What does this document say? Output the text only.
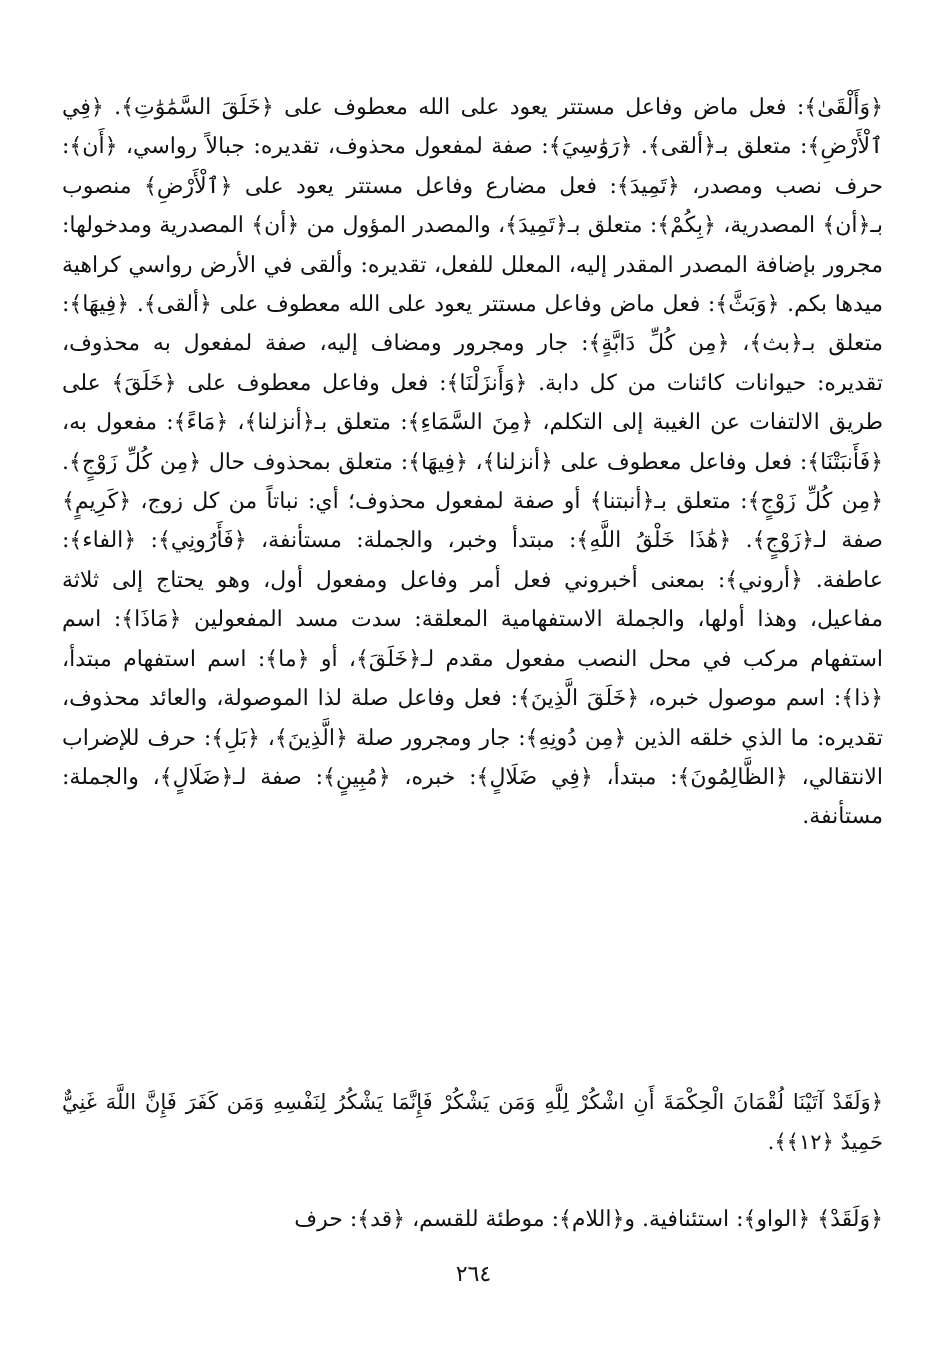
﴿وَأَلْقَىٰ﴾: فعل ماض وفاعل مستتر يعود على الله معطوف على ﴿خَلَقَ السَّمَٰوَٰتِ﴾. ﴿فِي ٱلْأَرْضِ﴾: متعلق بـ﴿ألقى﴾. ﴿رَوَٰسِيَ﴾: صفة لمفعول محذوف، تقديره: جبالاً رواسي، ﴿أَن﴾: حرف نصب ومصدر، ﴿تَمِيدَ﴾: فعل مضارع وفاعل مستتر يعود على ﴿ٱلْأَرْضِ﴾ منصوب بـ﴿أن﴾ المصدرية، ﴿بِكُمْ﴾: متعلق بـ﴿تَمِيدَ﴾، والمصدر المؤول من ﴿أن﴾ المصدرية ومدخولها: مجرور بإضافة المصدر المقدر إليه، المعلل للفعل، تقديره: وألقى في الأرض رواسي كراهية ميدها بكم. ﴿وَبَثَّ﴾: فعل ماض وفاعل مستتر يعود على الله معطوف على ﴿ألقى﴾. ﴿فِيهَا﴾: متعلق بـ﴿بث﴾، ﴿مِن كُلِّ دَابَّةٍ﴾: جار ومجرور ومضاف إليه، صفة لمفعول به محذوف، تقديره: حيوانات كائنات من كل دابة. ﴿وَأَنزَلْنَا﴾: فعل وفاعل معطوف على ﴿خَلَقَ﴾ على طريق الالتفات عن الغيبة إلى التكلم، ﴿مِنَ السَّمَاءِ﴾: متعلق بـ﴿أنزلنا﴾، ﴿مَاءً﴾: مفعول به، ﴿فَأَنبَتْنَا﴾: فعل وفاعل معطوف على ﴿أنزلنا﴾، ﴿فِيهَا﴾: متعلق بمحذوف حال ﴿مِن كُلِّ زَوْجٍ﴾. ﴿مِن كُلِّ زَوْجٍ﴾: متعلق بـ﴿أنبتنا﴾ أو صفة لمفعول محذوف؛ أي: نباتاً من كل زوج، ﴿كَرِيمٍ﴾ صفة لـ﴿زَوْجٍ﴾. ﴿هَٰذَا خَلْقُ اللَّهِ﴾: مبتدأ وخبر، والجملة: مستأنفة، ﴿فَأَرُونِي﴾: ﴿الفاء﴾: عاطفة. ﴿أروني﴾: بمعنى أخبروني فعل أمر وفاعل ومفعول أول، وهو يحتاج إلى ثلاثة مفاعيل، وهذا أولها، والجملة الاستفهامية المعلقة: سدت مسد المفعولين ﴿مَاذَا﴾: اسم استفهام مركب في محل النصب مفعول مقدم لـ﴿خَلَقَ﴾، أو ﴿ما﴾: اسم استفهام مبتدأ، ﴿ذا﴾: اسم موصول خبره، ﴿خَلَقَ الَّذِينَ﴾: فعل وفاعل صلة لذا الموصولة، والعائد محذوف، تقديره: ما الذي خلقه الذين ﴿مِن دُونِهِ﴾: جار ومجرور صلة ﴿الَّذِينَ﴾، ﴿بَلِ﴾: حرف للإضراب الانتقالي، ﴿الظَّالِمُونَ﴾: مبتدأ، ﴿فِي ضَلَالٍ﴾: خبره، ﴿مُبِينٍ﴾: صفة لـ﴿ضَلَالٍ﴾، والجملة: مستأنفة.

﴿وَلَقَدْ آتَيْنَا لُقْمَانَ الْحِكْمَةَ أَنِ اشْكُرْ لِلَّهِ وَمَن يَشْكُرْ فَإِنَّمَا يَشْكُرُ لِنَفْسِهِ وَمَن كَفَرَ فَإِنَّ اللَّهَ غَنِيٌّ حَمِيدٌ ﴿١٢﴾﴾.

﴿وَلَقَدْ﴾ ﴿الواو﴾: استئنافية. و﴿اللام﴾: موطئة للقسم، ﴿قد﴾: حرف

٢٦٤
